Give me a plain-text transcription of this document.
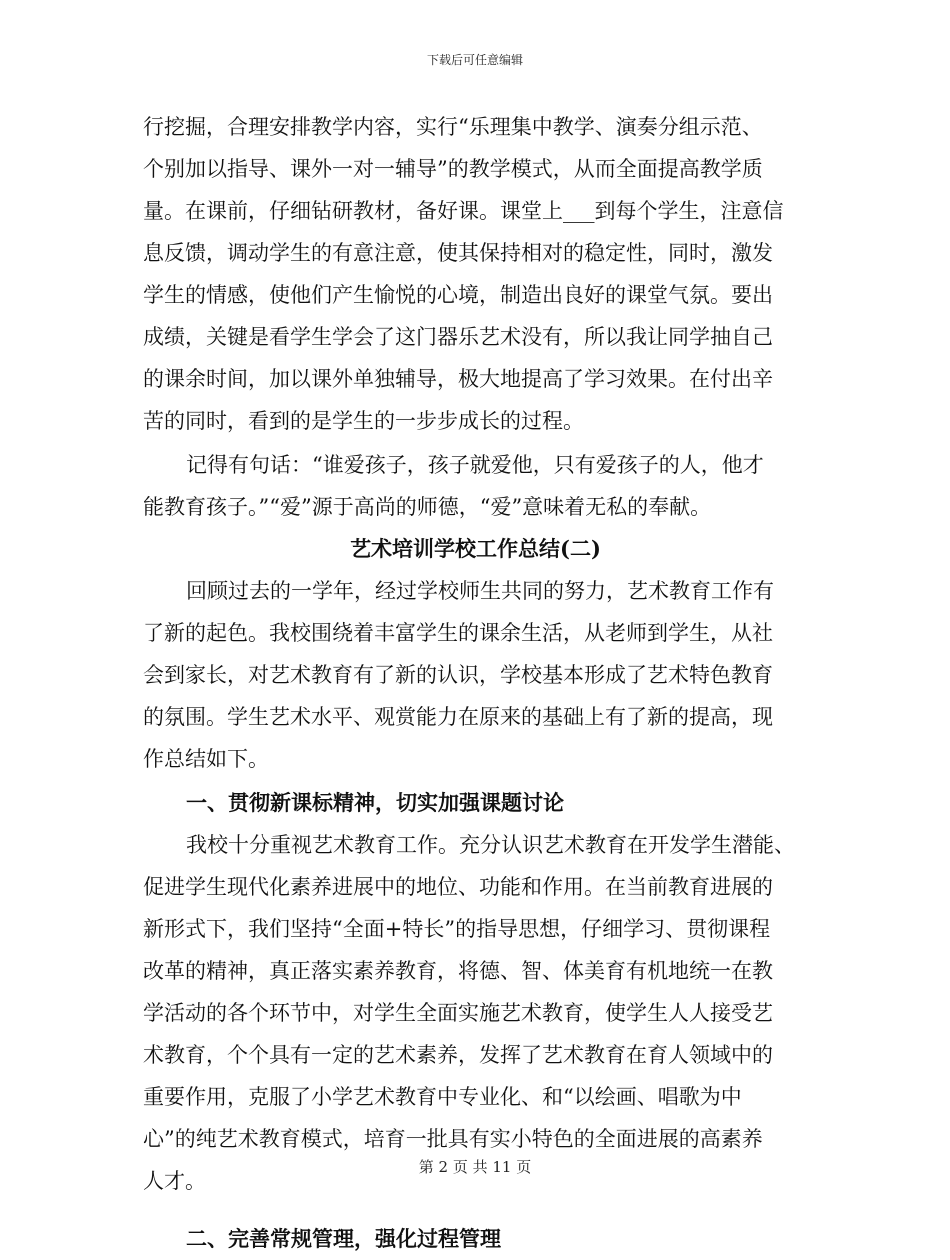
下载后可任意编辑
行挖掘，合理安排教学内容，实行“乐理集中教学、演奏分组示范、
个别加以指导、课外一对一辅导”的教学模式，从而全面提高教学质
量。在课前，仔细钻研教材，备好课。课堂上___到每个学生，注意信
息反馈，调动学生的有意注意，使其保持相对的稳定性，同时，激发
学生的情感，使他们产生愉悦的心境，制造出良好的课堂气氛。要出
成绩，关键是看学生学会了这门器乐艺术没有，所以我让同学抽自己
的课余时间，加以课外单独辅导，极大地提高了学习效果。在付出辛
苦的同时，看到的是学生的一步步成长的过程。
记得有句话：“谁爱孩子，孩子就爱他，只有爱孩子的人，他才
能教育孩子。”“爱”源于高尚的师德，“爱”意味着无私的奉献。
艺术培训学校工作总结(二)
回顾过去的一学年，经过学校师生共同的努力，艺术教育工作有
了新的起色。我校围绕着丰富学生的课余生活，从老师到学生，从社
会到家长，对艺术教育有了新的认识，学校基本形成了艺术特色教育
的氛围。学生艺术水平、观赏能力在原来的基础上有了新的提高，现
作总结如下。
一、贯彻新课标精神，切实加强课题讨论
我校十分重视艺术教育工作。充分认识艺术教育在开发学生潜能、
促进学生现代化素养进展中的地位、功能和作用。在当前教育进展的
新形式下，我们坚持“全面+特长”的指导思想，仔细学习、贯彻课程
改革的精神，真正落实素养教育，将德、智、体美育有机地统一在教
学活动的各个环节中，对学生全面实施艺术教育，使学生人人接受艺
术教育，个个具有一定的艺术素养，发挥了艺术教育在育人领域中的
重要作用，克服了小学艺术教育中专业化、和“以绘画、唱歌为中
心”的纯艺术教育模式，培育一批具有实小特色的全面进展的高素养
人才。
二、完善常规管理，强化过程管理
第 2 页 共 11 页
